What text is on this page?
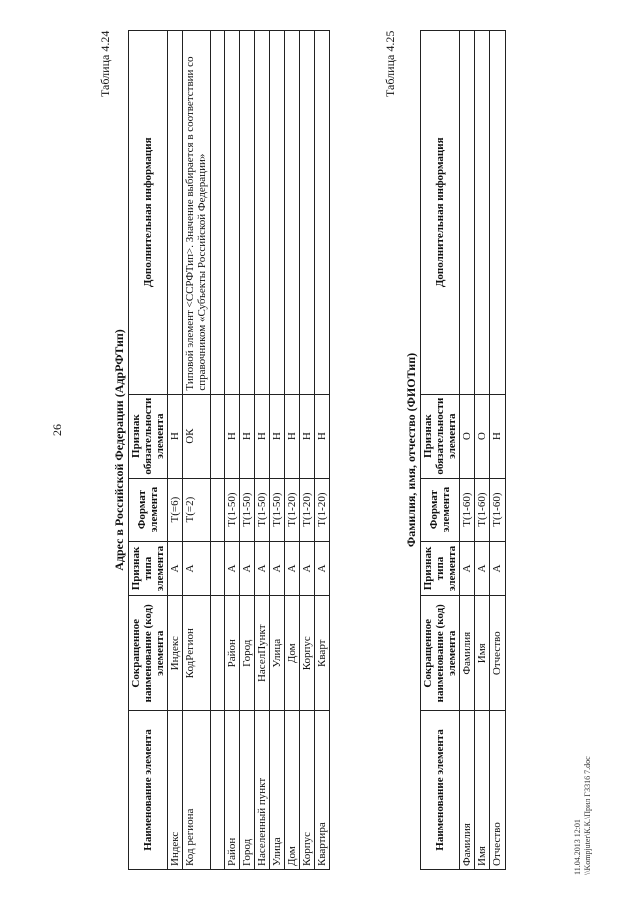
26
Таблица 4.24
Адрес в Российской Федерации (АдрРФТип)
Наименование элемента	Сокращенное наименование (код) элемента	Признак типа элемента	Формат элемента	Признак обязательности элемента	Дополнительная информация
Индекс	Индекс	А	T(=6)	Н	
Код региона	КодРегион	А	T(=2)	ОК	Типовой элемент <ССРФТип>. Значение выбирается в соответствии со справочником «Субъекты Российской Федерации»

Район	Район	А	T(1-50)	Н	
Город	Город	А	T(1-50)	Н	
Населенный пункт	НаселПункт	А	T(1-50)	Н	
Улица	Улица	А	T(1-50)	Н	
Дом	Дом	А	T(1-20)	Н	
Корпус	Корпус	А	T(1-20)	Н	
Квартира	Кварт	А	T(1-20)	Н	
Таблица 4.25
Фамилия, имя, отчество (ФИОТип)
Наименование элемента	Сокращенное наименование (код) элемента	Признак типа элемента	Формат элемента	Признак обязательности элемента	Дополнительная информация
Фамилия	Фамилия	А	T(1-60)	О	
Имя	Имя	А	T(1-60)	О	
Отчество	Отчество	А	T(1-60)	Н	
11.04.2013 12:01 \\Kompjuter\К.К.\Прил ГЗ316 7.doc
